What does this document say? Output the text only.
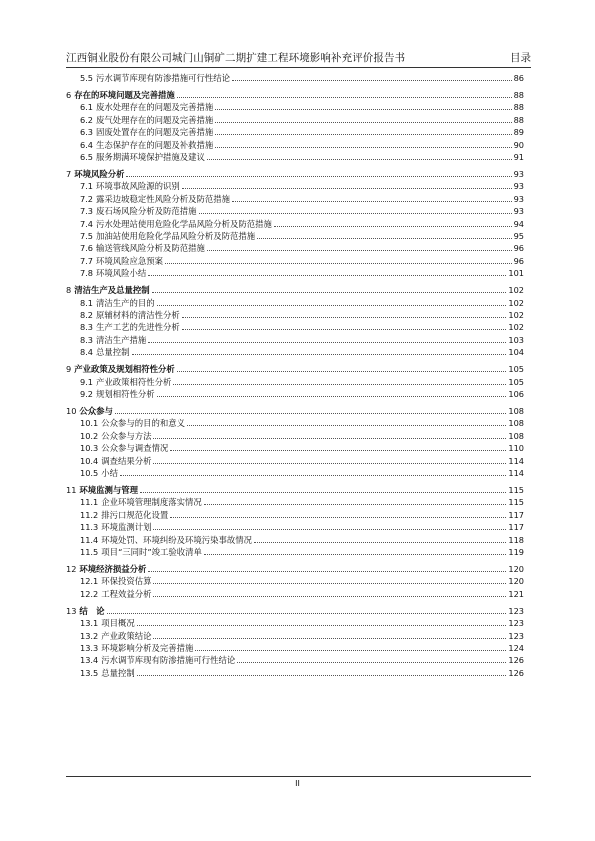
江西铜业股份有限公司城门山铜矿二期扩建工程环境影响补充评价报告书	目录
5.5 污水调节库现有防渗措施可行性结论	86
6 存在的环境问题及完善措施	88
6.1 废水处理存在的问题及完善措施	88
6.2 废气处理存在的问题及完善措施	88
6.3 固废处置存在的问题及完善措施	89
6.4 生态保护存在的问题及补救措施	90
6.5 服务期满环境保护措施及建议	91
7 环境风险分析	93
7.1 环境事故风险源的识别	93
7.2 露采边坡稳定性风险分析及防范措施	93
7.3 废石场风险分析及防范措施	93
7.4 污水处理站使用危险化学品风险分析及防范措施	94
7.5 加油站使用危险化学品风险分析及防范措施	95
7.6 输送管线风险分析及防范措施	96
7.7 环境风险应急预案	96
7.8 环境风险小结	101
8 清洁生产及总量控制	102
8.1 清洁生产的目的	102
8.2 原辅材料的清洁性分析	102
8.3 生产工艺的先进性分析	102
8.3 清洁生产措施	103
8.4 总量控制	104
9 产业政策及规划相符性分析	105
9.1 产业政策相符性分析	105
9.2 规划相符性分析	106
10 公众参与	108
10.1 公众参与的目的和意义	108
10.2 公众参与方法	108
10.3 公众参与调查情况	110
10.4 调查结果分析	114
10.5 小结	114
11 环境监测与管理	115
11.1 企业环境管理制度落实情况	115
11.2 排污口规范化设置	117
11.3 环境监测计划	117
11.4 环境处罚、环境纠纷及环境污染事故情况	118
11.5 项目“三同时”竣工验收清单	119
12 环境经济损益分析	120
12.1 环保投资估算	120
12.2 工程效益分析	121
13 结　论	123
13.1 项目概况	123
13.2 产业政策结论	123
13.3 环境影响分析及完善措施	124
13.4 污水调节库现有防渗措施可行性结论	126
13.5 总量控制	126
II
